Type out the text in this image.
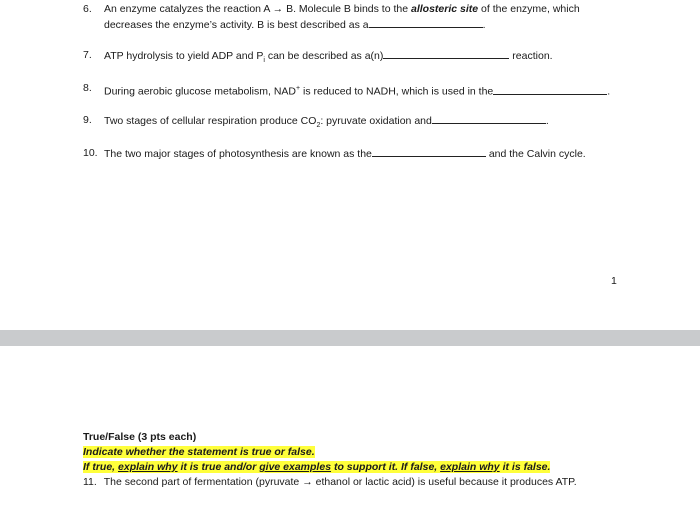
6. An enzyme catalyzes the reaction A → B. Molecule B binds to the allosteric site of the enzyme, which
decreases the enzyme’s activity. B is best described as a	.
7. ATP hydrolysis to yield ADP and $P_i$ can be described as a(n)	reaction.
8. During aerobic glucose metabolism, NAD+ is reduced to NADH, which is used in the	.
9. Two stages of cellular respiration produce $CO_2$: pyruvate oxidation and	.
10. The two major stages of photosynthesis are known as the	and the Calvin cycle.
1
True/False (3 pts each)
Indicate whether the statement is true or false.
If true, explain why it is true and/or give examples to support it. If false, explain why it is false.
11. The second part of fermentation (pyruvate → ethanol or lactic acid) is useful because it produces ATP.
